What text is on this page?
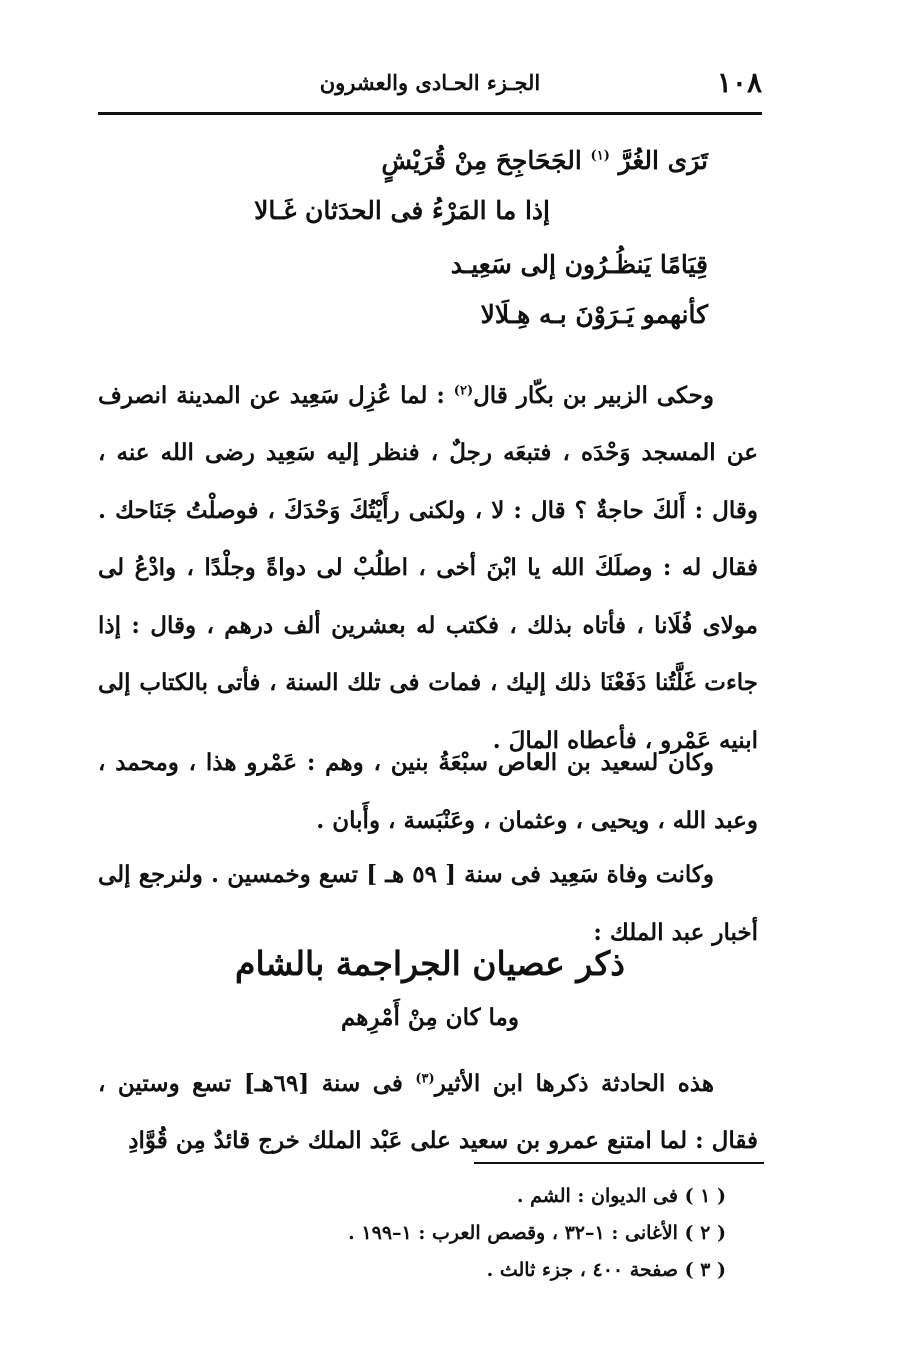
١٠٨
الجـزء الحـادى والعشرون
تَرَى الغُرَّ $^{(١)}$ الجَحَاجِحَ مِنْ قُرَيْشٍ
إذا ما المَرْءُ فى الحدَثان غَـالا
قِيَامًا يَنظُـرُون إلى سَعِيـد
كأنهمو يَـرَوْنَ بـه هِـلَالا
وحكى الزبير بن بكّار قال$^{(٢)}$ : لما عُزِل سَعِيد عن المدينة انصرف عن المسجد وَحْدَه ، فتبعَه رجلٌ ، فنظر إليه سَعِيد رضى الله عنه ، وقال : أَلكَ حاجةٌ ؟ قال : لا ، ولكنى رأَيْتُكَ وَحْدَكَ ، فوصلْتُ جَنَاحك . فقال له : وصلَكَ الله يا ابْنَ أخى ، اطلُبْ لى دواةً وجلْدًا ، وادْعُ لى مولاى فُلَانا ، فأتاه بذلك ، فكتب له بعشرين ألف درهم ، وقال : إذا جاءت غَلَّتُنا دَفَعْنَا ذلك إليك ، فمات فى تلك السنة ، فأتى بالكتاب إلى ابنيه عَمْرو ، فأعطاه المالَ .
وكان لسعيد بن العاص سبْعَةُ بنين ، وهم : عَمْرو هذا ، ومحمد ، وعبد الله ، ويحيى ، وعثمان ، وعَنْبَسة ، وأَبان .
وكانت وفاة سَعِيد فى سنة [ ٥٩ هـ ] تسع وخمسين . ولنرجع إلى أخبار عبد الملك :
ذكر عصيان الجراجمة بالشام
وما كان مِنْ أَمْرِهم
هذه الحادثة ذكرها ابن الأثير$^{(٣)}$ فى سنة [٦٩هـ] تسع وستين ، فقال : لما امتنع عمرو بن سعيد على عَبْد الملك خرج قائدٌ مِن قُوَّادِ
( ١ ) فى الديوان : الشم .
( ٢ ) الأغانى : ١–٣٢ ، وقصص العرب : ١–١٩٩ .
( ٣ ) صفحة ٤٠٠ ، جزء ثالث .
